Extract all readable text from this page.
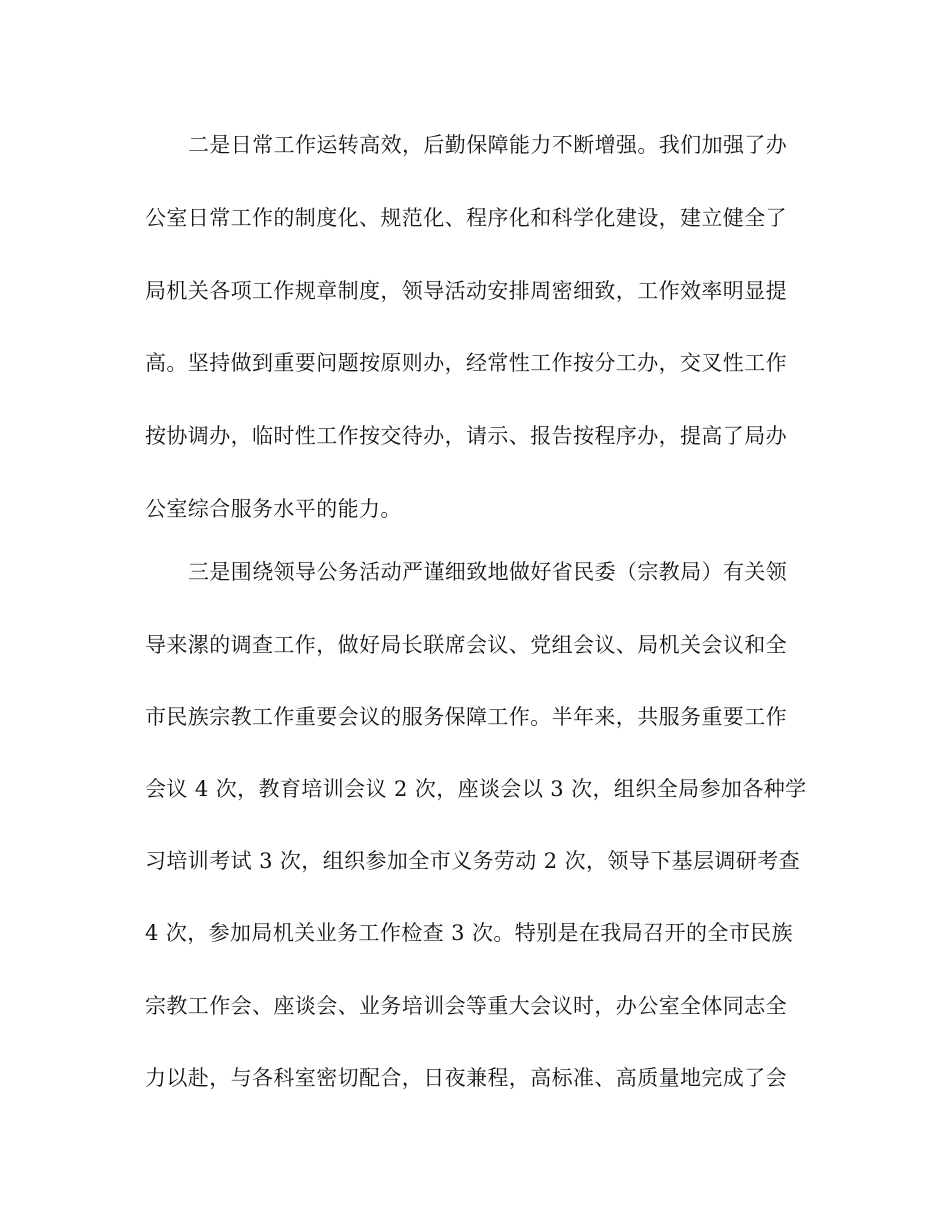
二是日常工作运转高效，后勤保障能力不断增强。我们加强了办
公室日常工作的制度化、规范化、程序化和科学化建设，建立健全了
局机关各项工作规章制度，领导活动安排周密细致，工作效率明显提
高。坚持做到重要问题按原则办，经常性工作按分工办，交叉性工作
按协调办，临时性工作按交待办，请示、报告按程序办，提高了局办
公室综合服务水平的能力。
三是围绕领导公务活动严谨细致地做好省民委（宗教局）有关领
导来漯的调查工作，做好局长联席会议、党组会议、局机关会议和全
市民族宗教工作重要会议的服务保障工作。半年来，共服务重要工作
会议 4 次，教育培训会议 2 次，座谈会以 3 次，组织全局参加各种学
习培训考试 3 次，组织参加全市义务劳动 2 次，领导下基层调研考查
4 次，参加局机关业务工作检查 3 次。特别是在我局召开的全市民族
宗教工作会、座谈会、业务培训会等重大会议时，办公室全体同志全
力以赴，与各科室密切配合，日夜兼程，高标准、高质量地完成了会
